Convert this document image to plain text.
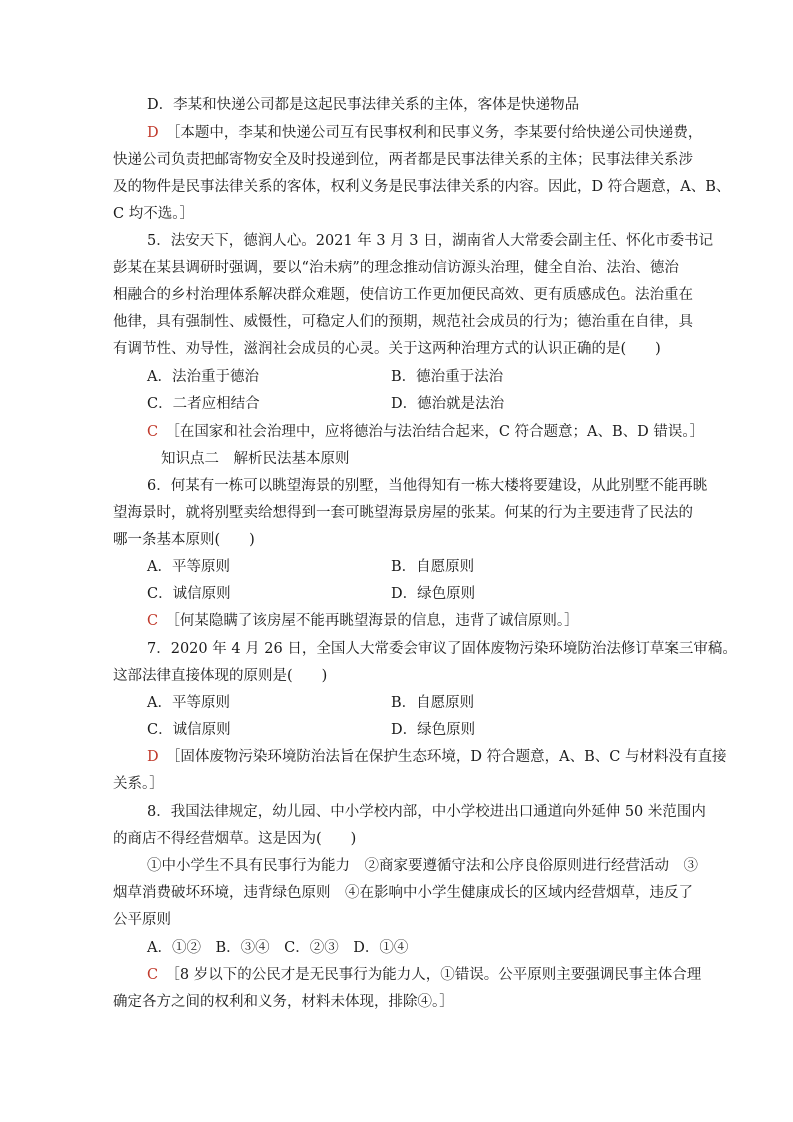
D．李某和快递公司都是这起民事法律关系的主体，客体是快递物品
D　 ［本题中，李某和快递公司互有民事权利和民事义务，李某要付给快递公司快递费，
快递公司负责把邮寄物安全及时投递到位，两者都是民事法律关系的主体；民事法律关系涉
及的物件是民事法律关系的客体，权利义务是民事法律关系的内容。因此，D 符合题意，A、B、
C 均不选。］
5．法安天下，德润人心。2021 年 3 月 3 日，湖南省人大常委会副主任、怀化市委书记
彭某在某县调研时强调，要以“治未病”的理念推动信访源头治理，健全自治、法治、德治
相融合的乡村治理体系解决群众难题，使信访工作更加便民高效、更有质感成色。法治重在
他律，具有强制性、威慑性，可稳定人们的预期，规范社会成员的行为；德治重在自律，具
有调节性、劝导性，滋润社会成员的心灵。关于这两种治理方式的认识正确的是(　　)
A．法治重于德治	B．德治重于法治
C．二者应相结合	D．德治就是法治
C　 ［在国家和社会治理中，应将德治与法治结合起来，C 符合题意；A、B、D 错误。］
知识点二　解析民法基本原则
6．何某有一栋可以眺望海景的别墅，当他得知有一栋大楼将要建设，从此别墅不能再眺
望海景时，就将别墅卖给想得到一套可眺望海景房屋的张某。何某的行为主要违背了民法的
哪一条基本原则(　　)
A．平等原则	B．自愿原则
C．诚信原则	D．绿色原则
C　 ［何某隐瞒了该房屋不能再眺望海景的信息，违背了诚信原则。］
7．2020 年 4 月 26 日，全国人大常委会审议了固体废物污染环境防治法修订草案三审稿。
这部法律直接体现的原则是(　　)
A．平等原则	B．自愿原则
C．诚信原则	D．绿色原则
D　 ［固体废物污染环境防治法旨在保护生态环境，D 符合题意，A、B、C 与材料没有直接
关系。］
8．我国法律规定，幼儿园、中小学校内部，中小学校进出口通道向外延伸 50 米范围内
的商店不得经营烟草。这是因为(　　)
①中小学生不具有民事行为能力　②商家要遵循守法和公序良俗原则进行经营活动　③
烟草消费破坏环境，违背绿色原则　④在影响中小学生健康成长的区域内经营烟草，违反了
公平原则
A．①②　B．③④　C．②③　D．①④
C　 ［8 岁以下的公民才是无民事行为能力人，①错误。公平原则主要强调民事主体合理
确定各方之间的权利和义务，材料未体现，排除④。］
